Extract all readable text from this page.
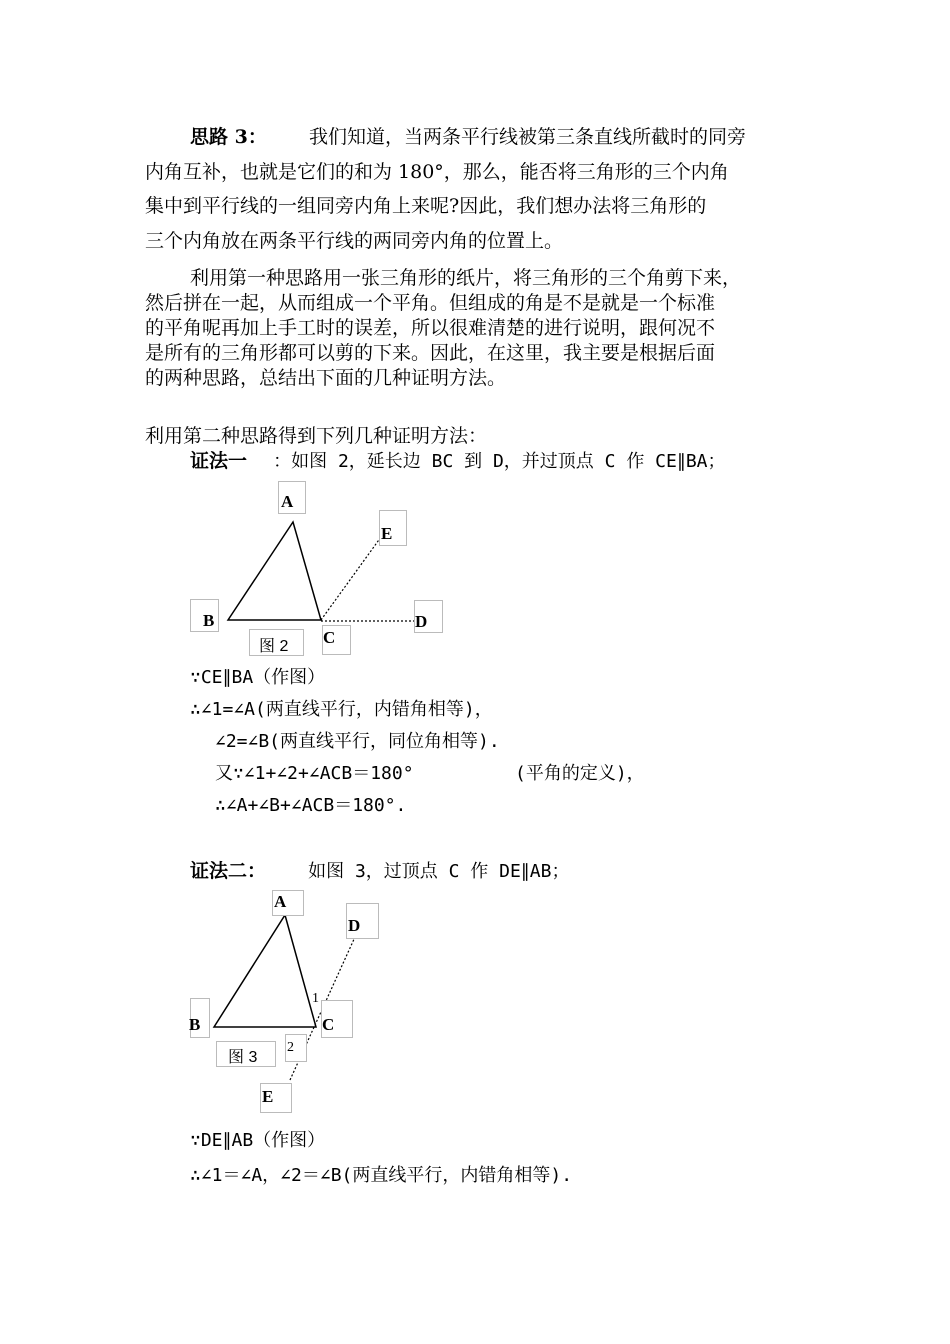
思路 3： 我们知道，当两条平行线被第三条直线所截时的同旁
内角互补，也就是它们的和为 180°，那么，能否将三角形的三个内角
集中到平行线的一组同旁内角上来呢?因此，我们想办法将三角形的
三个内角放在两条平行线的两同旁内角的位置上。
利用第一种思路用一张三角形的纸片，将三角形的三个角剪下来，
然后拼在一起，从而组成一个平角。但组成的角是不是就是一个标准
的平角呢再加上手工时的误差，所以很难清楚的进行说明，跟何况不
是所有的三角形都可以剪的下来。因此，在这里，我主要是根据后面
的两种思路，总结出下面的几种证明方法。
利用第二种思路得到下列几种证明方法：
证法一 ：如图 2，延长边 BC 到 D，并过顶点 C 作 CE∥BA；
A
E
B
C
D
图 2
∵CE∥BA（作图）
∴∠1=∠A(两直线平行，内错角相等)，
∠2=∠B(两直线平行，同位角相等).
又∵∠1+∠2+∠ACB＝180°	(平角的定义)，
∴∠A+∠B+∠ACB＝180°.
证法二： 如图 3，过顶点 C 作 DE∥AB；
A
D
1
B	C
2
图 3
E
∵DE∥AB（作图）
∴∠1＝∠A，∠2＝∠B(两直线平行，内错角相等).
